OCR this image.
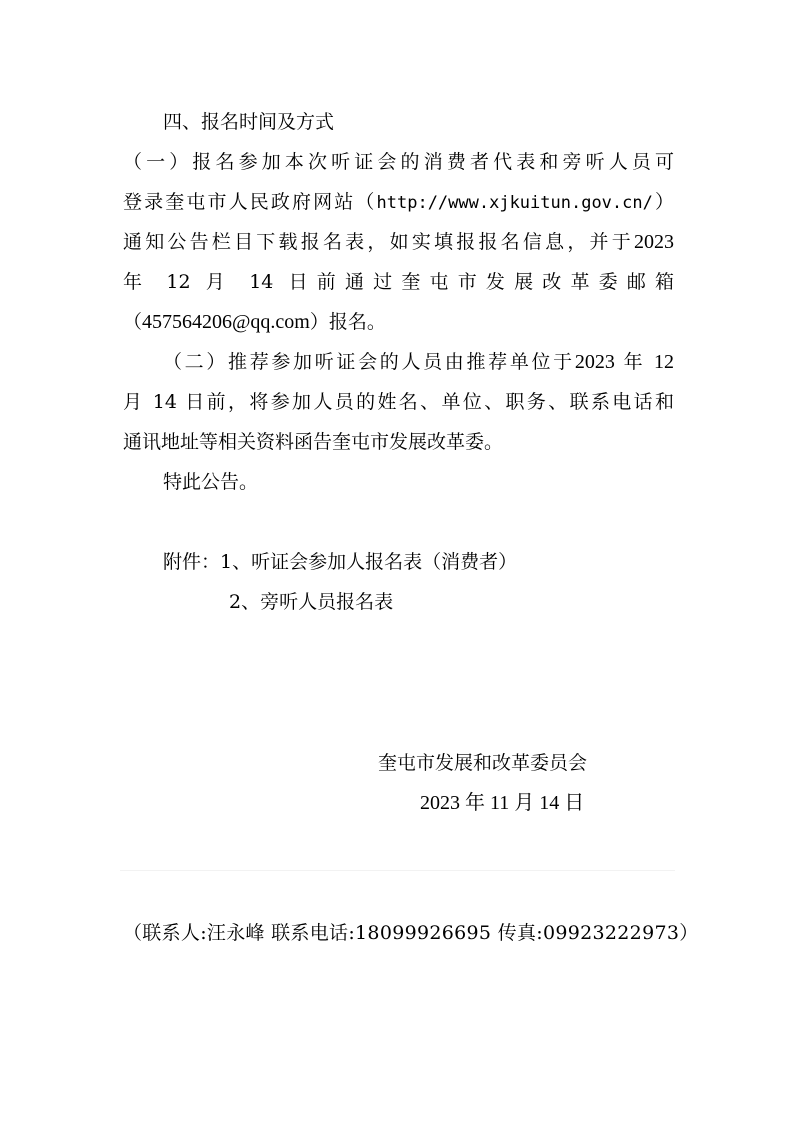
四、报名时间及方式
（一）报名参加本次听证会的消费者代表和旁听人员可
登录奎屯市人民政府网站（http://www.xjkuitun.gov.cn/）
通知公告栏目下载报名表，如实填报报名信息，并于2023
年 12 月 14 日前通过奎屯市发展改革委邮箱
（457564206@qq.com）报名。
（二）推荐参加听证会的人员由推荐单位于2023 年 12
月 14 日前，将参加人员的姓名、单位、职务、联系电话和
通讯地址等相关资料函告奎屯市发展改革委。
特此公告。
附件：1、听证会参加人报名表（消费者）
2、旁听人员报名表
奎屯市发展和改革委员会
2023 年 11 月 14 日
（联系人:汪永峰 联系电话:18099926695 传真:09923222973）
